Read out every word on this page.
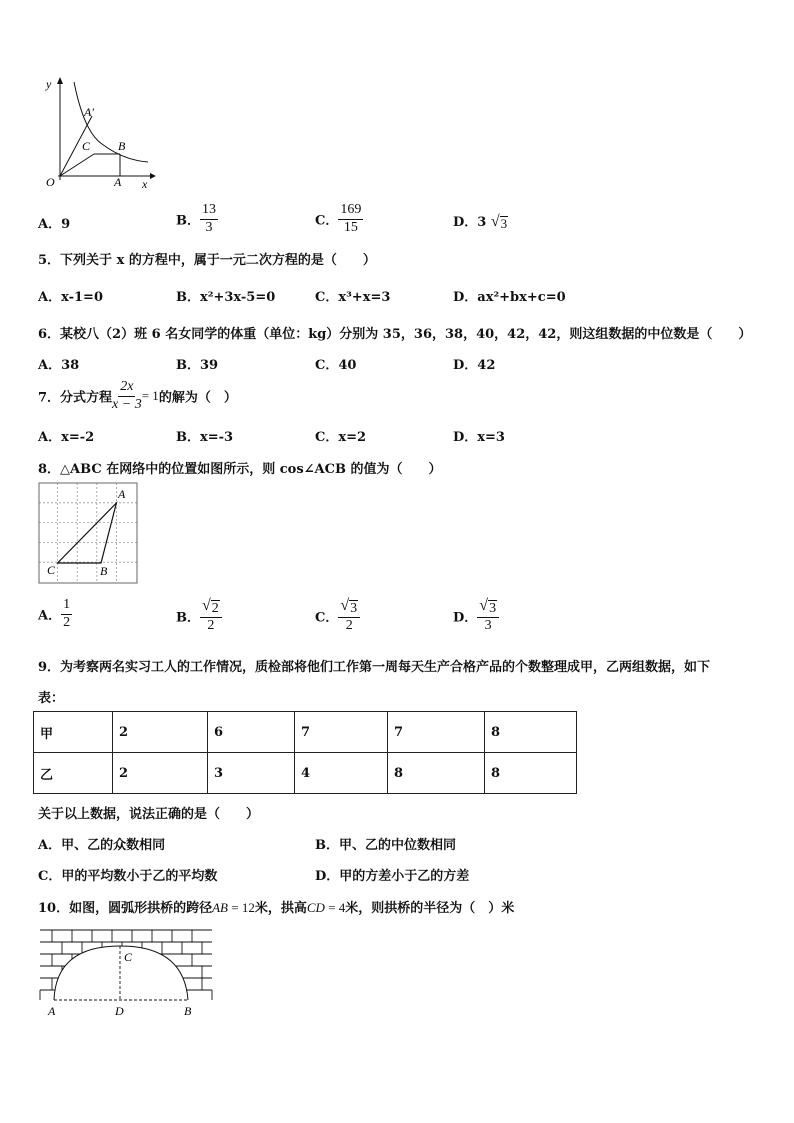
y
A′
C B
O	A x
A．9	B． $\frac{13}{3}$	C． $\frac{169}{15}$	D．3 √ 3
5．下列关于 x 的方程中，属于一元二次方程的是（　　）
A．x-1=0	B．x²+3x-5=0	C．x³+x=3	D．ax²+bx+c=0
6．某校八（2）班 6 名女同学的体重（单位：kg）分别为 35，36，38，40，42，42，则这组数据的中位数是（　　）
A．38	B．39	C．40	D．42
7．分式方程 $\frac{2x}{x - 3} = 1$的解为（　）
A．x=-2	B．x=-3	C．x=2	D．x=3
8．△ABC 在网络中的位置如图所示，则 cos∠ACB 的值为（　　）
A
C	B
A． $\frac{1}{2}$	B． $\frac{√ 2}{2}$	C． $\frac{√ 3}{2}$	D． $\frac{√ 3}{3}$
9．为考察两名实习工人的工作情况，质检部将他们工作第一周每天生产合格产品的个数整理成甲，乙两组数据，如下
表：
甲	2	6	7	7	8
乙	2	3	4	8	8
关于以上数据，说法正确的是（　　）
A．甲、乙的众数相同	B．甲、乙的中位数相同
C．甲的平均数小于乙的平均数	D．甲的方差小于乙的方差
10．如图，圆弧形拱桥的跨径AB = 12米，拱高CD = 4米，则拱桥的半径为（　）米
C
A	D	B
